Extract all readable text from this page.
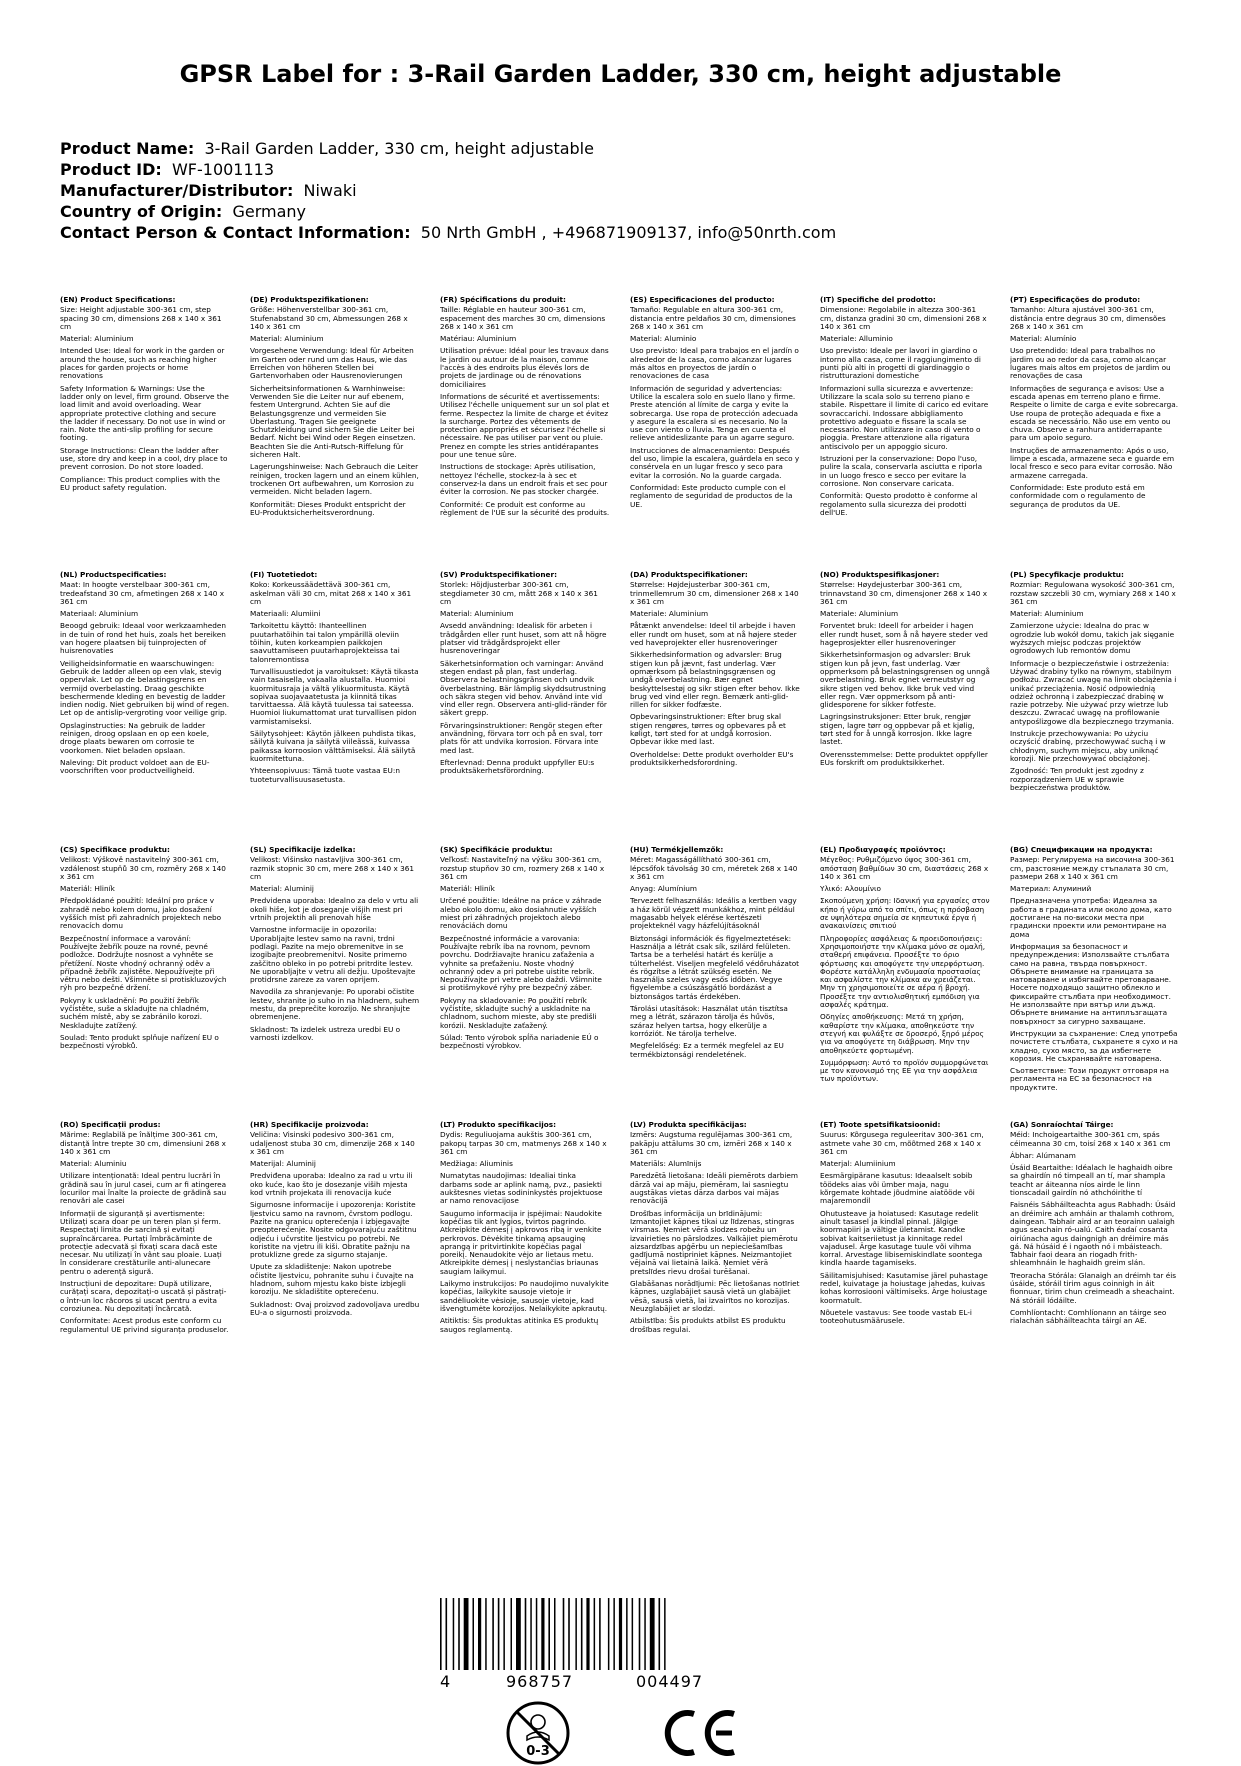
GPSR Label for : 3-Rail Garden Ladder, 330 cm, height adjustable
Product Name: 3-Rail Garden Ladder, 330 cm, height adjustable
Product ID: WF-1001113
Manufacturer/Distributor: Niwaki
Country of Origin: Germany
Contact Person & Contact Information: 50 Nrth GmbH , +496871909137, info@50nrth.com
(EN) Product Specifications:
Size: Height adjustable 300-361 cm, step spacing 30 cm, dimensions 268 x 140 x 361 cm
Material: Aluminium
Intended Use: Ideal for work in the garden or around the house, such as reaching higher places for garden projects or home renovations
Safety Information & Warnings: Use the ladder only on level, firm ground. Observe the load limit and avoid overloading. Wear appropriate protective clothing and secure the ladder if necessary. Do not use in wind or rain. Note the anti-slip profiling for secure footing.
Storage Instructions: Clean the ladder after use, store dry and keep in a cool, dry place to prevent corrosion. Do not store loaded.
Compliance: This product complies with the EU product safety regulation.
(DE) Produktspezifikationen:
Größe: Höhenverstellbar 300-361 cm, Stufenabstand 30 cm, Abmessungen 268 x 140 x 361 cm
Material: Aluminium
Vorgesehene Verwendung: Ideal für Arbeiten im Garten oder rund um das Haus, wie das Erreichen von höheren Stellen bei Gartenvorhaben oder Hausrenovierungen
Sicherheitsinformationen & Warnhinweise: Verwenden Sie die Leiter nur auf ebenem, festem Untergrund. Achten Sie auf die Belastungsgrenze und vermeiden Sie Überlastung. Tragen Sie geeignete Schutzkleidung und sichern Sie die Leiter bei Bedarf. Nicht bei Wind oder Regen einsetzen. Beachten Sie die Anti-Rutsch-Riffelung für sicheren Halt.
Lagerungshinweise: Nach Gebrauch die Leiter reinigen, trocken lagern und an einem kühlen, trockenen Ort aufbewahren, um Korrosion zu vermeiden. Nicht beladen lagern.
Konformität: Dieses Produkt entspricht der EU-Produktsicherheitsverordnung.
(FR) Spécifications du produit:
Taille: Réglable en hauteur 300-361 cm, espacement des marches 30 cm, dimensions 268 x 140 x 361 cm
Matériau: Aluminium
Utilisation prévue: Idéal pour les travaux dans le jardin ou autour de la maison, comme l'accès à des endroits plus élevés lors de projets de jardinage ou de rénovations domiciliaires
Informations de sécurité et avertissements: Utilisez l'échelle uniquement sur un sol plat et ferme. Respectez la limite de charge et évitez la surcharge. Portez des vêtements de protection appropriés et sécurisez l'échelle si nécessaire. Ne pas utiliser par vent ou pluie. Prenez en compte les stries antidérapantes pour une tenue sûre.
Instructions de stockage: Après utilisation, nettoyez l'échelle, stockez-la à sec et conservez-la dans un endroit frais et sec pour éviter la corrosion. Ne pas stocker chargée.
Conformité: Ce produit est conforme au règlement de l'UE sur la sécurité des produits.
(ES) Especificaciones del producto:
Tamaño: Regulable en altura 300-361 cm, distancia entre peldaños 30 cm, dimensiones 268 x 140 x 361 cm
Material: Aluminio
Uso previsto: Ideal para trabajos en el jardín o alrededor de la casa, como alcanzar lugares más altos en proyectos de jardín o renovaciones de casa
Información de seguridad y advertencias: Utilice la escalera solo en suelo llano y firme. Preste atención al límite de carga y evite la sobrecarga. Use ropa de protección adecuada y asegure la escalera si es necesario. No la use con viento o lluvia. Tenga en cuenta el relieve antideslizante para un agarre seguro.
Instrucciones de almacenamiento: Después del uso, limpie la escalera, guárdela en seco y consérvela en un lugar fresco y seco para evitar la corrosión. No la guarde cargada.
Conformidad: Este producto cumple con el reglamento de seguridad de productos de la UE.
(IT) Specifiche del prodotto:
Dimensione: Regolabile in altezza 300-361 cm, distanza gradini 30 cm, dimensioni 268 x 140 x 361 cm
Materiale: Alluminio
Uso previsto: Ideale per lavori in giardino o intorno alla casa, come il raggiungimento di punti più alti in progetti di giardinaggio o ristrutturazioni domestiche
Informazioni sulla sicurezza e avvertenze: Utilizzare la scala solo su terreno piano e stabile. Rispettare il limite di carico ed evitare sovraccarichi. Indossare abbigliamento protettivo adeguato e fissare la scala se necessario. Non utilizzare in caso di vento o pioggia. Prestare attenzione alla rigatura antiscivolo per un appoggio sicuro.
Istruzioni per la conservazione: Dopo l'uso, pulire la scala, conservarla asciutta e riporla in un luogo fresco e secco per evitare la corrosione. Non conservare caricata.
Conformità: Questo prodotto è conforme al regolamento sulla sicurezza dei prodotti dell'UE.
(PT) Especificações do produto:
Tamanho: Altura ajustável 300-361 cm, distância entre degraus 30 cm, dimensões 268 x 140 x 361 cm
Material: Alumínio
Uso pretendido: Ideal para trabalhos no jardim ou ao redor da casa, como alcançar lugares mais altos em projetos de jardim ou renovações de casa
Informações de segurança e avisos: Use a escada apenas em terreno plano e firme. Respeite o limite de carga e evite sobrecarga. Use roupa de proteção adequada e fixe a escada se necessário. Não use em vento ou chuva. Observe a ranhura antiderrapante para um apoio seguro.
Instruções de armazenamento: Após o uso, limpe a escada, armazene seca e guarde em local fresco e seco para evitar corrosão. Não armazene carregada.
Conformidade: Este produto está em conformidade com o regulamento de segurança de produtos da UE.
(NL) Productspecificaties:
Maat: In hoogte verstelbaar 300-361 cm, tredeafstand 30 cm, afmetingen 268 x 140 x 361 cm
Materiaal: Aluminium
Beoogd gebruik: Ideaal voor werkzaamheden in de tuin of rond het huis, zoals het bereiken van hogere plaatsen bij tuinprojecten of huisrenovaties
Veiligheidsinformatie en waarschuwingen: Gebruik de ladder alleen op een vlak, stevig oppervlak. Let op de belastingsgrens en vermijd overbelasting. Draag geschikte beschermende kleding en bevestig de ladder indien nodig. Niet gebruiken bij wind of regen. Let op de antislip-vergroting voor veilige grip.
Opslaginstructies: Na gebruik de ladder reinigen, droog opslaan en op een koele, droge plaats bewaren om corrosie te voorkomen. Niet beladen opslaan.
Naleving: Dit product voldoet aan de EU-voorschriften voor productveiligheid.
(FI) Tuotetiedot:
Koko: Korkeussäädettävä 300-361 cm, askelman väli 30 cm, mitat 268 x 140 x 361 cm
Materiaali: Alumiini
Tarkoitettu käyttö: Ihanteellinen puutarhatöihin tai talon ympärillä oleviin töihin, kuten korkeampien paikkojen saavuttamiseen puutarhaprojekteissa tai talonremontissa
Turvallisuustiedot ja varoitukset: Käytä tikasta vain tasaisella, vakaalla alustalla. Huomioi kuormitusraja ja vältä ylikuormitusta. Käytä sopivaa suojavaatetusta ja kiinnitä tikas tarvittaessa. Älä käytä tuulessa tai sateessa. Huomioi liukumattomat urat turvallisen pidon varmistamiseksi.
Säilytysohjeet: Käytön jälkeen puhdista tikas, säilytä kuivana ja säilytä viileässä, kuivassa paikassa korroosion välttämiseksi. Älä säilytä kuormitettuna.
Yhteensopivuus: Tämä tuote vastaa EU:n tuoteturvallisuusasetusta.
(SV) Produktspecifikationer:
Storlek: Höjdjusterbar 300-361 cm, stegdiameter 30 cm, mått 268 x 140 x 361 cm
Material: Aluminium
Avsedd användning: Idealisk för arbeten i trädgården eller runt huset, som att nå högre platser vid trädgårdsprojekt eller husrenoveringar
Säkerhetsinformation och varningar: Använd stegen endast på plan, fast underlag. Observera belastningsgränsen och undvik överbelastning. Bär lämplig skyddsutrustning och säkra stegen vid behov. Använd inte vid vind eller regn. Observera anti-glid-ränder för säkert grepp.
Förvaringsinstruktioner: Rengör stegen efter användning, förvara torr och på en sval, torr plats för att undvika korrosion. Förvara inte med last.
Efterlevnad: Denna produkt uppfyller EU:s produktsäkerhetsförordning.
(DA) Produktspecifikationer:
Størrelse: Højdejusterbar 300-361 cm, trinmellemrum 30 cm, dimensioner 268 x 140 x 361 cm
Materiale: Aluminium
Påtænkt anvendelse: Ideel til arbejde i haven eller rundt om huset, som at nå højere steder ved haveprojekter eller husrenoveringer
Sikkerhedsinformation og advarsler: Brug stigen kun på jævnt, fast underlag. Vær opmærksom på belastningsgrænsen og undgå overbelastning. Bær egnet beskyttelsestøj og sikr stigen efter behov. Ikke brug ved vind eller regn. Bemærk anti-glid-rillen for sikker fodfæste.
Opbevaringsinstruktioner: Efter brug skal stigen rengøres, tørres og opbevares på et køligt, tørt sted for at undgå korrosion. Opbevar ikke med last.
Overholdelse: Dette produkt overholder EU's produktsikkerhedsforordning.
(NO) Produktspesifikasjoner:
Størrelse: Høydejusterbar 300-361 cm, trinnavstand 30 cm, dimensjoner 268 x 140 x 361 cm
Materiale: Aluminium
Forventet bruk: Ideell for arbeider i hagen eller rundt huset, som å nå høyere steder ved hageprosjekter eller husrenoveringer
Sikkerhetsinformasjon og advarsler: Bruk stigen kun på jevn, fast underlag. Vær oppmerksom på belastningsgrensen og unngå overbelastning. Bruk egnet verneutstyr og sikre stigen ved behov. Ikke bruk ved vind eller regn. Vær oppmerksom på anti-glidesporene for sikker fotfeste.
Lagringsinstruksjoner: Etter bruk, rengjør stigen, lagre tørr og oppbevar på et kjølig, tørt sted for å unngå korrosjon. Ikke lagre lastet.
Overensstemmelse: Dette produktet oppfyller EUs forskrift om produktsikkerhet.
(PL) Specyfikacje produktu:
Rozmiar: Regulowana wysokość 300-361 cm, rozstaw szczebli 30 cm, wymiary 268 x 140 x 361 cm
Materiał: Aluminium
Zamierzone użycie: Idealna do prac w ogrodzie lub wokół domu, takich jak sięganie wyższych miejsc podczas projektów ogrodowych lub remontów domu
Informacje o bezpieczeństwie i ostrzeżenia: Używać drabiny tylko na równym, stabilnym podłożu. Zwracać uwagę na limit obciążenia i unikać przeciążenia. Nosić odpowiednią odzież ochronną i zabezpieczać drabinę w razie potrzeby. Nie używać przy wietrze lub deszczu. Zwracać uwagę na profilowanie antypoślizgowe dla bezpiecznego trzymania.
Instrukcje przechowywania: Po użyciu oczyścić drabinę, przechowywać suchą i w chłodnym, suchym miejscu, aby uniknąć korozji. Nie przechowywać obciążonej.
Zgodność: Ten produkt jest zgodny z rozporządzeniem UE w sprawie bezpieczeństwa produktów.
(CS) Specifikace produktu:
Velikost: Výškově nastavitelný 300-361 cm, vzdálenost stupňů 30 cm, rozměry 268 x 140 x 361 cm
Materiál: Hliník
Předpokládané použití: Ideální pro práce v zahradě nebo kolem domu, jako dosažení vyšších míst při zahradních projektech nebo renovacích domu
Bezpečnostní informace a varování: Používejte žebřík pouze na rovné, pevné podložce. Dodržujte nosnost a vyhněte se přetížení. Noste vhodný ochranný oděv a případně žebřík zajistěte. Nepoužívejte při větru nebo dešti. Všimněte si protiskluzových rýh pro bezpečné držení.
Pokyny k uskladnění: Po použití žebřík vyčistěte, suše a skladujte na chladném, suchém místě, aby se zabránilo korozi. Neskladujte zatížený.
Soulad: Tento produkt splňuje nařízení EU o bezpečnosti výrobků.
(SL) Specifikacije izdelka:
Velikost: Višinsko nastavljiva 300-361 cm, razmik stopnic 30 cm, mere 268 x 140 x 361 cm
Material: Aluminij
Predvidena uporaba: Idealno za delo v vrtu ali okoli hiše, kot je doseganje višjih mest pri vrtnih projektih ali prenovah hiše
Varnostne informacije in opozorila: Uporabljajte lestev samo na ravni, trdni podlagi. Pazite na mejo obremenitve in se izogibajte preobremenitvi. Nosite primerno zaščitno obleko in po potrebi pritrdite lestev. Ne uporabljajte v vetru ali dežju. Upoštevajte protidrsne zareze za varen oprijem.
Navodila za shranjevanje: Po uporabi očistite lestev, shranite jo suho in na hladnem, suhem mestu, da preprečite koroziјo. Ne shranjujte obremenjene.
Skladnost: Ta izdelek ustreza uredbi EU o varnosti izdelkov.
(SK) Špecifikácie produktu:
Veľkosť: Nastaviteľný na výšku 300-361 cm, rozstup stupňov 30 cm, rozmery 268 x 140 x 361 cm
Materiál: Hliník
Určené použitie: Ideálne na práce v záhrade alebo okolo domu, ako dosiahnutie vyšších miest pri záhradných projektoch alebo renováciách domu
Bezpečnostné informácie a varovania: Používajte rebrík iba na rovnom, pevnom povrchu. Dodržiavajte hranicu zaťaženia a vyhnite sa preťaženiu. Noste vhodný ochranný odev a pri potrebe uistite rebrík. Nepoužívajte pri vetre alebo daždi. Všimnite si protišmykové rýhy pre bezpečný záber.
Pokyny na skladovanie: Po použití rebrík vyčistite, skladujte suchý a uskladnite na chladnom, suchom mieste, aby ste predišli korózii. Neskladujte zaťažený.
Súlad: Tento výrobok spĺňa nariadenie EÚ o bezpečnosti výrobkov.
(HU) Termékjellemzők:
Méret: Magasságállítható 300-361 cm, lépcsőfok távolság 30 cm, méretek 268 x 140 x 361 cm
Anyag: Alumínium
Tervezett felhasználás: Ideális a kertben vagy a ház körül végzett munkákhoz, mint például magasabb helyek elérése kertészeti projekteknél vagy házfelújításoknál
Biztonsági információk és figyelmeztetések: Használja a létrát csak sík, szilárd felületen. Tartsa be a terhelési határt és kerülje a túlterhelést. Viseljen megfelelő védőruházatot és rögzítse a létrát szükség esetén. Ne használja szeles vagy esős időben. Vegye figyelembe a csúszásgátló bordázást a biztonságos tartás érdekében.
Tárolási utasítások: Használat után tisztítsa meg a létrát, szárazon tárolja és hűvös, száraz helyen tartsa, hogy elkerülje a korróziót. Ne tárolja terhelve.
Megfelelőség: Ez a termék megfelel az EU termékbiztonsági rendeletének.
(EL) Προδιαγραφές προϊόντος:
Μέγεθος: Ρυθμιζόμενο ύψος 300-361 cm, απόσταση βαθμίδων 30 cm, διαστάσεις 268 x 140 x 361 cm
Υλικό: Αλουμίνιο
Σκοπούμενη χρήση: Ιδανική για εργασίες στον κήπο ή γύρω από το σπίτι, όπως η πρόσβαση σε υψηλότερα σημεία σε κηπευτικά έργα ή ανακαινίσεις σπιτιού
Πληροφορίες ασφάλειας & προειδοποιήσεις: Χρησιμοποιήστε την κλίμακα μόνο σε ομαλή, σταθερή επιφάνεια. Προσέξτε το όριο φόρτωσης και αποφύγετε την υπερφόρτωση. Φορέστε κατάλληλη ενδυμασία προστασίας και ασφαλίστε την κλίμακα αν χρειάζεται. Μην τη χρησιμοποιείτε σε αέρα ή βροχή. Προσέξτε την αντιολισθητική εμπόδιση για ασφαλές κράτημα.
Οδηγίες αποθήκευσης: Μετά τη χρήση, καθαρίστε την κλίμακα, αποθηκεύστε την στεγνή και φυλάξτε σε δροσερό, ξηρό μέρος για να αποφύγετε τη διάβρωση. Μην την αποθηκεύετε φορτωμένη.
Συμμόρφωση: Αυτό το προϊόν συμμορφώνεται με τον κανονισμό της ΕΕ για την ασφάλεια των προϊόντων.
(BG) Спецификации на продукта:
Размер: Регулируема на височина 300-361 cm, разстояние между стъпалата 30 cm, размери 268 x 140 x 361 cm
Материал: Алуминий
Предназначена употреба: Идеална за работа в градината или около дома, като достигане на по-високи места при градински проекти или ремонтиране на дома
Информация за безопасност и предупреждения: Използвайте стълбата само на равна, твърда повърхност. Обърнете внимание на границата за натоварване и избягвайте претоварване. Носете подходящо защитно облекло и фиксирайте стълбата при необходимост. Не използвайте при вятър или дъжд. Обърнете внимание на антиплъзгащата повърхност за сигурно захващане.
Инструкции за съхранение: След употреба почистете стълбата, съхранете я сухо и на хладно, сухо място, за да избегнете корозия. Не съхранявайте натоварена.
Съответствие: Този продукт отговаря на регламента на ЕС за безопасност на продуктите.
(RO) Specificații produs:
Mărime: Reglabilă pe înălțime 300-361 cm, distanță între trepte 30 cm, dimensiuni 268 x 140 x 361 cm
Material: Aluminiu
Utilizare intenționată: Ideal pentru lucrări în grădină sau în jurul casei, cum ar fi atingerea locurilor mai înalte la proiecte de grădină sau renovări ale casei
Informații de siguranță și avertismente: Utilizați scara doar pe un teren plan și ferm. Respectați limita de sarcină și evitați supraîncărcarea. Purtați îmbrăcăminte de protecție adecvată și fixați scara dacă este necesar. Nu utilizați în vânt sau ploaie. Luați în considerare crestăturile anti-alunecare pentru o aderență sigură.
Instrucțiuni de depozitare: După utilizare, curățați scara, depozitați-o uscată și păstrați-o într-un loc răcoros și uscat pentru a evita coroziunea. Nu depozitați încărcată.
Conformitate: Acest produs este conform cu regulamentul UE privind siguranța produselor.
(HR) Specifikacije proizvoda:
Veličina: Visinski podesivo 300-361 cm, udaljenost stuba 30 cm, dimenzije 268 x 140 x 361 cm
Materijal: Aluminij
Predviđena uporaba: Idealno za rad u vrtu ili oko kuće, kao što je dosezanje viših mjesta kod vrtnih projekata ili renovacija kuće
Sigurnosne informacije i upozorenja: Koristite ljestvicu samo na ravnom, čvrstom podlogu. Pazite na granicu opterećenja i izbjegavajte preopterećenje. Nosite odgovarajuću zaštitnu odjeću i učvrstite ljestvicu po potrebi. Ne koristite na vjetru ili kiši. Obratite pažnju na protuklizne grede za sigurno stajanje.
Upute za skladištenje: Nakon upotrebe očistite ljestvicu, pohranite suhu i čuvajte na hladnom, suhom mjestu kako biste izbjegli koroziju. Ne skladištite opterećenu.
Sukladnost: Ovaj proizvod zadovoljava uredbu EU-a o sigurnosti proizvoda.
(LT) Produkto specifikacijos:
Dydis: Reguliuojama aukštis 300-361 cm, pakopų tarpas 30 cm, matmenys 268 x 140 x 361 cm
Medžiaga: Aliuminis
Numatytas naudojimas: Idealiai tinka darbams sode ar aplink namą, pvz., pasiekti aukštesnes vietas sodininkystės projektuose ar namo renovacijose
Saugumo informacija ir įspėjimai: Naudokite kopėčias tik ant lygios, tvirtos pagrindo. Atkreipkite dėmesį į apkrovos ribą ir venkite perkrovos. Dėvėkite tinkamą apsauginę aprangą ir pritvirtinkite kopėčias pagal poreikį. Nenaudokite vėjo ar lietaus metu. Atkreipkite dėmesį į neslystančias briaunas saugiam laikymui.
Laikymo instrukcijos: Po naudojimo nuvalykite kopėčias, laikykite sausoje vietoje ir sandėliuokite vėsioje, sausoje vietoje, kad išvengtumėte korozijos. Nelaikykite apkrautų.
Atitiktis: Šis produktas atitinka ES produktų saugos reglamentą.
(LV) Produkta specifikācijas:
Izmērs: Augstuma regulējamas 300-361 cm, pakāpju attālums 30 cm, izmēri 268 x 140 x 361 cm
Materiāls: Alumīnijs
Paredzētā lietošana: Ideāli piemērots darbiem dārzā vai ap māju, piemēram, lai sasniegtu augstākas vietas dārza darbos vai mājas renovācijā
Drošības informācija un brīdinājumi: Izmantojiet kāpnes tikai uz līdzenas, stingras virsmas. Ņemiet vērā slodzes robežu un izvairieties no pārslodzes. Valkājiet piemērotu aizsardzības apģērbu un nepieciešamības gadījumā nostipriniet kāpnes. Neizmantojiet vējainā vai lietainā laikā. Ņemiet vērā pretslīdes rievu drošai turēšanai.
Glabāšanas norādījumi: Pēc lietošanas notīriet kāpnes, uzglabājiet sausā vietā un glabājiet vēsā, sausā vietā, lai izvairītos no korozijas. Neuzglabājiet ar slodzi.
Atbilstība: Šis produkts atbilst ES produktu drošības regulai.
(ET) Toote spetsifikatsioonid:
Suurus: Kõrgusega reguleeritav 300-361 cm, astmete vahe 30 cm, mõõtmed 268 x 140 x 361 cm
Materjal: Alumiinium
Eesmärgipärane kasutus: Ideaalselt sobib töödeks aias või ümber maja, nagu kõrgemate kohtade jõudmine aiatööde või majaremondil
Ohutusteave ja hoiatused: Kasutage redelit ainult tasasel ja kindlal pinnal. Jälgige koormapiiri ja vältige ületamist. Kandke sobivat kaitseriietust ja kinnitage redel vajadusel. Ärge kasutage tuule või vihma korral. Arvestage libisemiskindlate soontega kindla haarde tagamiseks.
Säilitamisjuhised: Kasutamise järel puhastage redel, kuivatage ja hoiustage jahedas, kuivas kohas korrosiooni vältimiseks. Ärge hoiustage koormatult.
Nõuetele vastavus: See toode vastab EL-i tooteohutusmäärusele.
(GA) Sonraíochtaí Táirge:
Méid: Inchoigeartaithe 300-361 cm, spás céimeanna 30 cm, toisí 268 x 140 x 361 cm
Ábhar: Alúmanam
Úsáid Beartaithe: Idéalach le haghaidh oibre sa ghairdín nó timpeall an tí, mar shampla teacht ar áiteanna níos airde le linn tionscadail gairdín nó athchóirithe tí
Faisnéis Sábháilteachta agus Rabhadh: Úsáid an dréimire ach amháin ar thalamh cothrom, daingean. Tabhair aird ar an teorainn ualaigh agus seachain ró-ualú. Caith éadaí cosanta oiriúnacha agus daingnigh an dréimire más gá. Ná húsáid é i ngaoth nó i mbáisteach. Tabhair faoi deara an riogadh frith-shleamhnáin le haghaidh greim slán.
Treoracha Stórála: Glanaigh an dréimh tar éis úsáide, stóráil tirim agus coinnigh in áit fionnuar, tirim chun creimeadh a sheachaint. Ná stóráil lódáilte.
Comhlíontacht: Comhlíonann an táirge seo rialachán sábháilteachta táirgí an AE.
4	968757	004497
0-3
